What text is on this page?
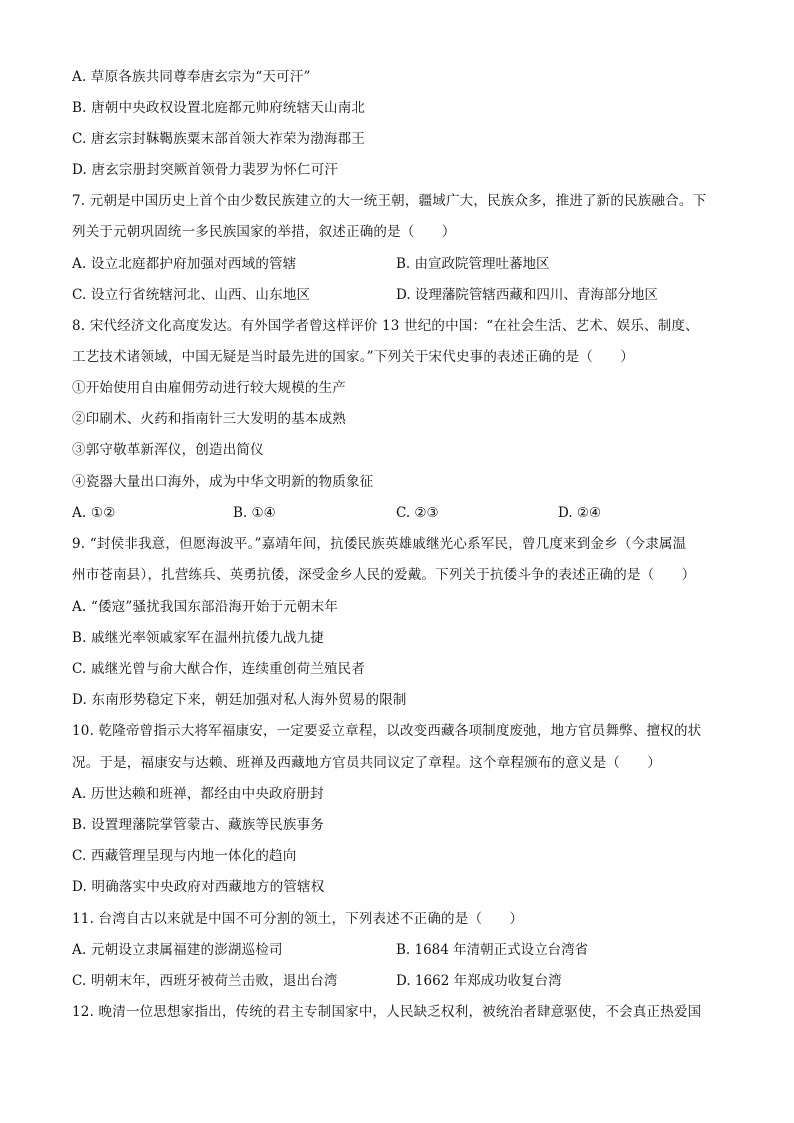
A. 草原各族共同尊奉唐玄宗为“天可汗”
B. 唐朝中央政权设置北庭都元帅府统辖天山南北
C. 唐玄宗封靺鞨族粟末部首领大祚荣为渤海郡王
D. 唐玄宗册封突厥首领骨力裴罗为怀仁可汗
7. 元朝是中国历史上首个由少数民族建立的大一统王朝，疆域广大，民族众多，推进了新的民族融合。下
列关于元朝巩固统一多民族国家的举措，叙述正确的是（　　）
A. 设立北庭都护府加强对西域的管辖	B. 由宣政院管理吐蕃地区
C. 设立行省统辖河北、山西、山东地区	D. 设理藩院管辖西藏和四川、青海部分地区
8. 宋代经济文化高度发达。有外国学者曾这样评价 13 世纪的中国：“在社会生活、艺术、娱乐、制度、
工艺技术诸领域，中国无疑是当时最先进的国家。”下列关于宋代史事的表述正确的是（　　）
①开始使用自由雇佣劳动进行较大规模的生产
②印刷术、火药和指南针三大发明的基本成熟
③郭守敬革新浑仪，创造出简仪
④瓷器大量出口海外，成为中华文明新的物质象征
A. ①②	B. ①④	C. ②③	D. ②④
9. “封侯非我意，但愿海波平。”嘉靖年间，抗倭民族英雄戚继光心系军民，曾几度来到金乡（今隶属温
州市苍南县），扎营练兵、英勇抗倭，深受金乡人民的爱戴。下列关于抗倭斗争的表述正确的是（　　）
A. “倭寇”骚扰我国东部沿海开始于元朝末年
B. 戚继光率领戚家军在温州抗倭九战九捷
C. 戚继光曾与俞大猷合作，连续重创荷兰殖民者
D. 东南形势稳定下来，朝廷加强对私人海外贸易的限制
10. 乾隆帝曾指示大将军福康安，一定要妥立章程，以改变西藏各项制度废弛，地方官员舞弊、擅权的状
况。于是，福康安与达赖、班禅及西藏地方官员共同议定了章程。这个章程颁布的意义是（　　）
A. 历世达赖和班禅，都经由中央政府册封
B. 设置理藩院掌管蒙古、藏族等民族事务
C. 西藏管理呈现与内地一体化的趋向
D. 明确落实中央政府对西藏地方的管辖权
11. 台湾自古以来就是中国不可分割的领土，下列表述不正确的是（　　）
A. 元朝设立隶属福建的澎湖巡检司	B. 1684 年清朝正式设立台湾省
C. 明朝末年，西班牙被荷兰击败，退出台湾	D. 1662 年郑成功收复台湾
12. 晚清一位思想家指出，传统的君主专制国家中，人民缺乏权利，被统治者肆意驱使，不会真正热爱国
